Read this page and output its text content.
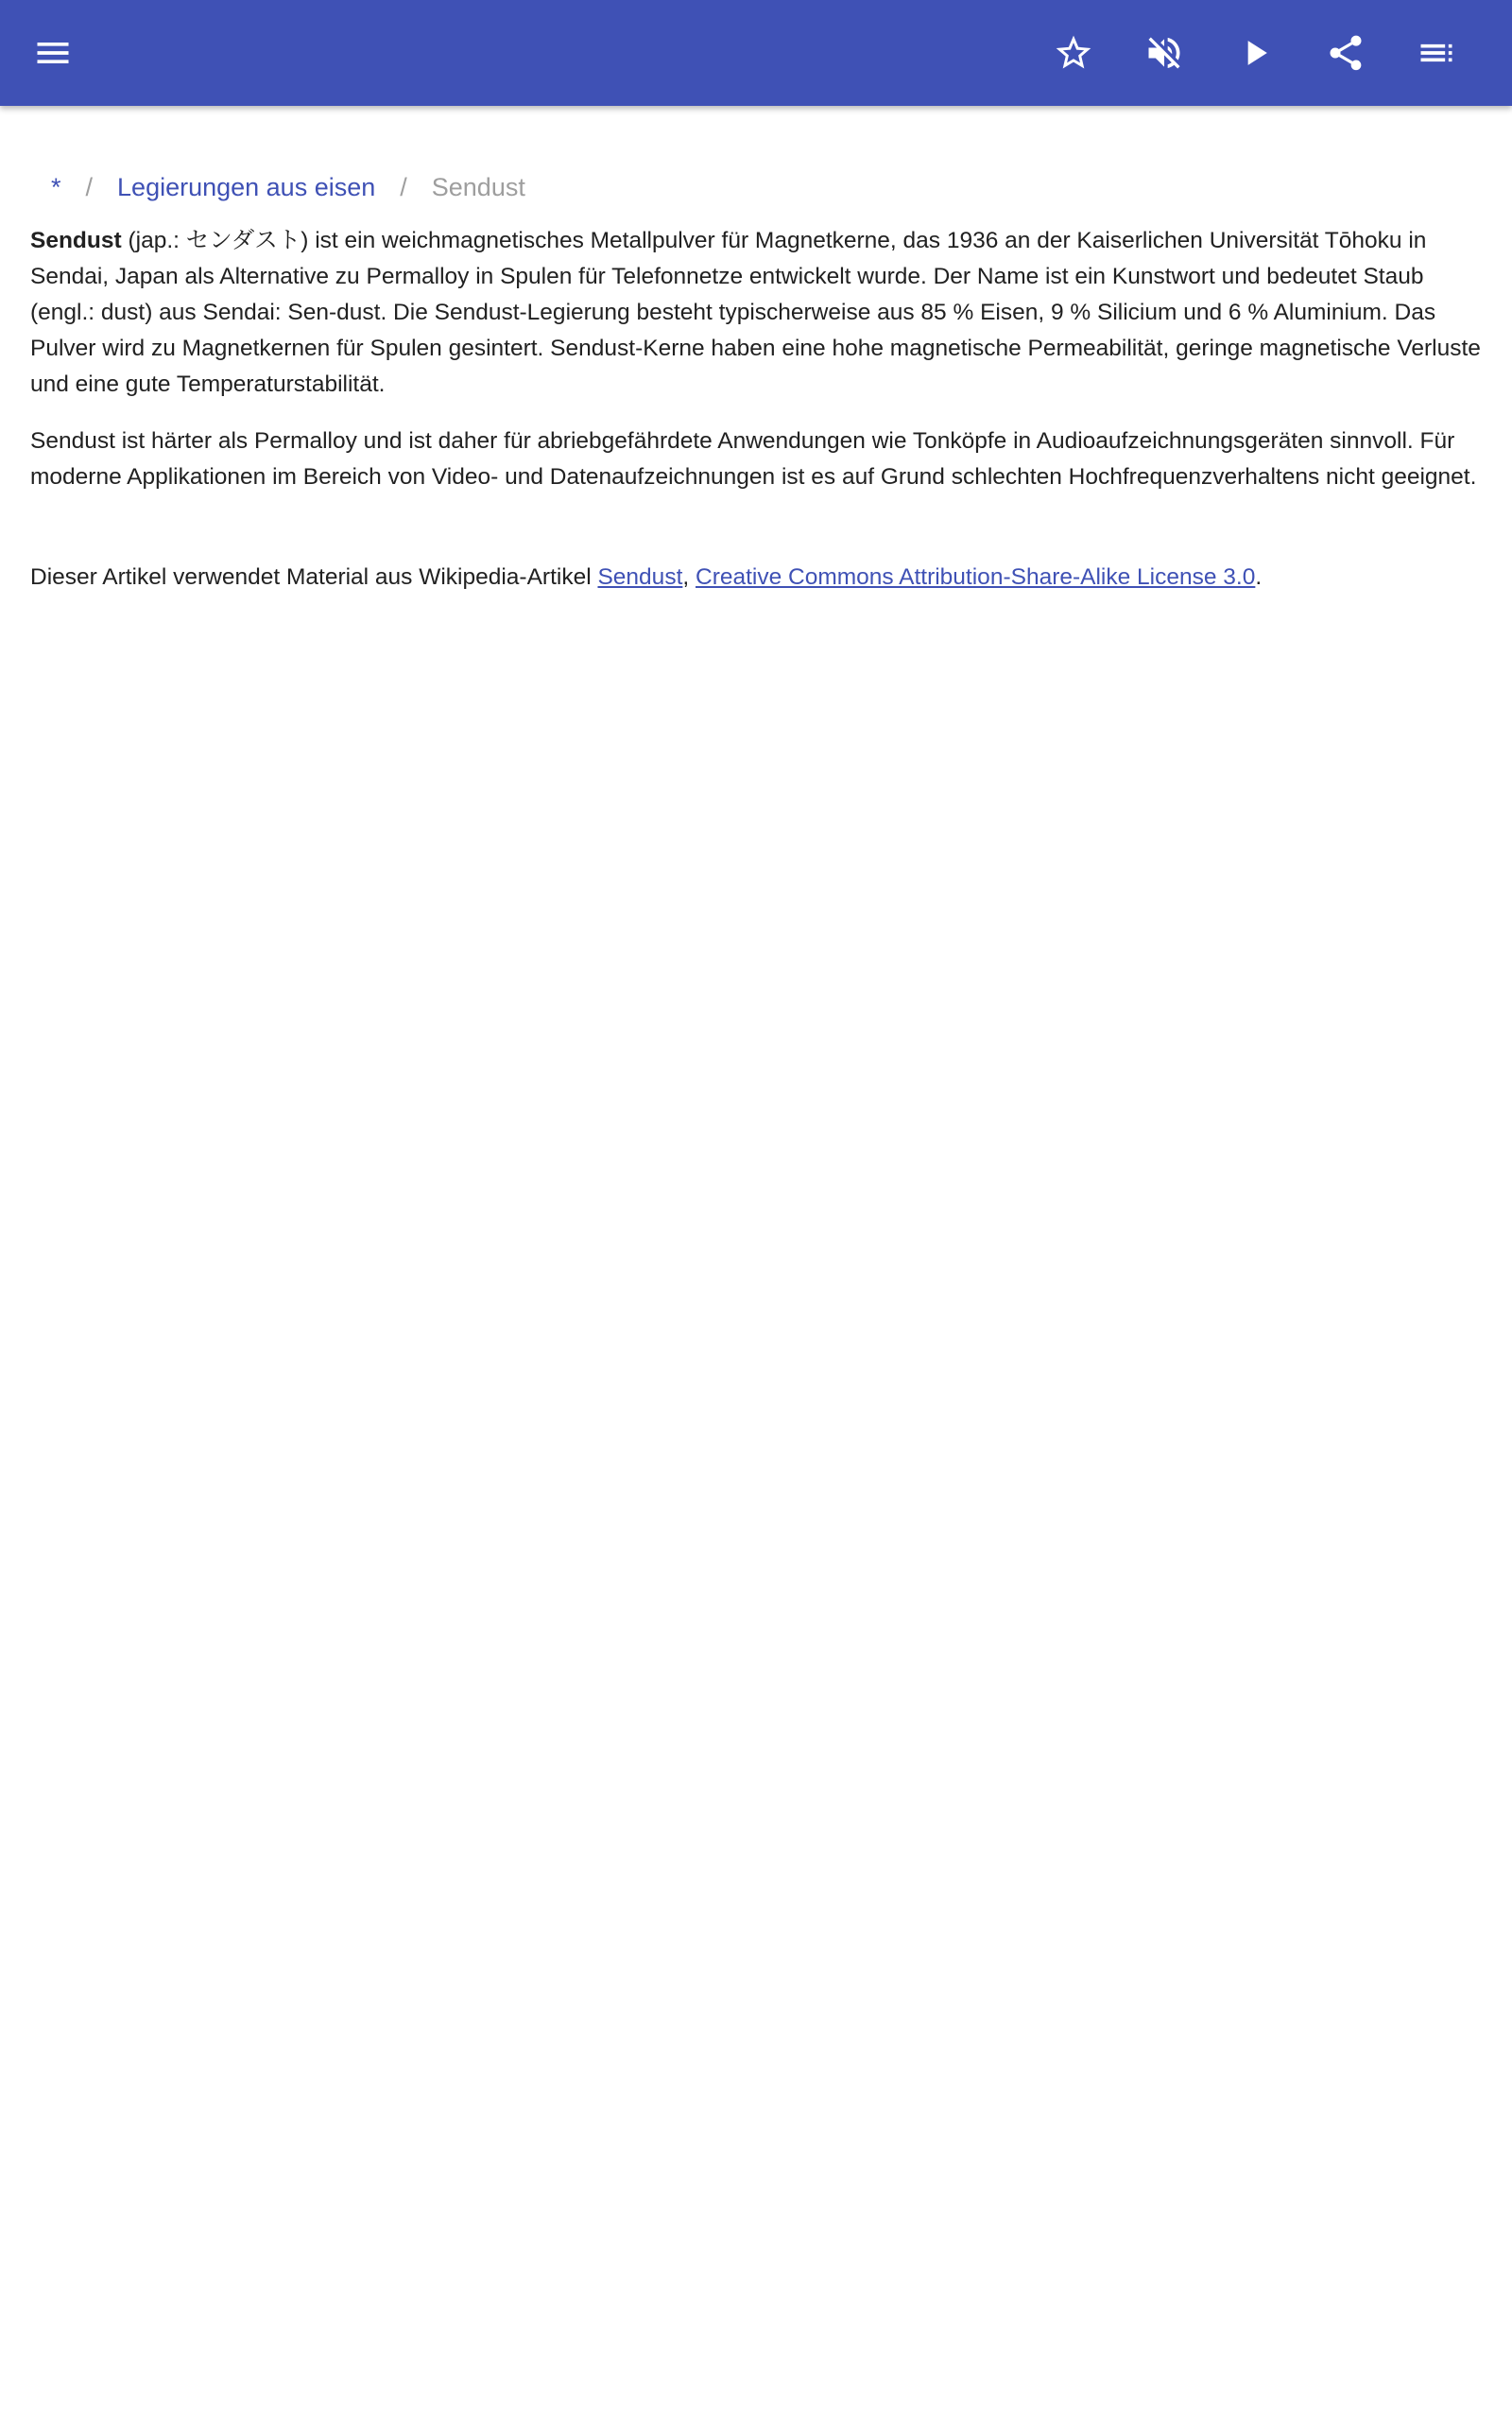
* / Legierungen aus eisen / Sendust

Sendust (jap.: センダスト) ist ein weichmagnetisches Metallpulver für Magnetkerne, das 1936 an der Kaiserlichen Universität Tōhoku in Sendai, Japan als Alternative zu Permalloy in Spulen für Telefonnetze entwickelt wurde. Der Name ist ein Kunstwort und bedeutet Staub (engl.: dust) aus Sendai: Sen-dust. Die Sendust-Legierung besteht typischerweise aus 85 % Eisen, 9 % Silicium und 6 % Aluminium. Das Pulver wird zu Magnetkernen für Spulen gesintert. Sendust-Kerne haben eine hohe magnetische Permeabilität, geringe magnetische Verluste und eine gute Temperaturstabilität.

Sendust ist härter als Permalloy und ist daher für abriebgefährdete Anwendungen wie Tonköpfe in Audioaufzeichnungsgeräten sinnvoll. Für moderne Applikationen im Bereich von Video- und Datenaufzeichnungen ist es auf Grund schlechten Hochfrequenzverhaltens nicht geeignet.

Dieser Artikel verwendet Material aus Wikipedia-Artikel Sendust, Creative Commons Attribution-Share-Alike License 3.0.
